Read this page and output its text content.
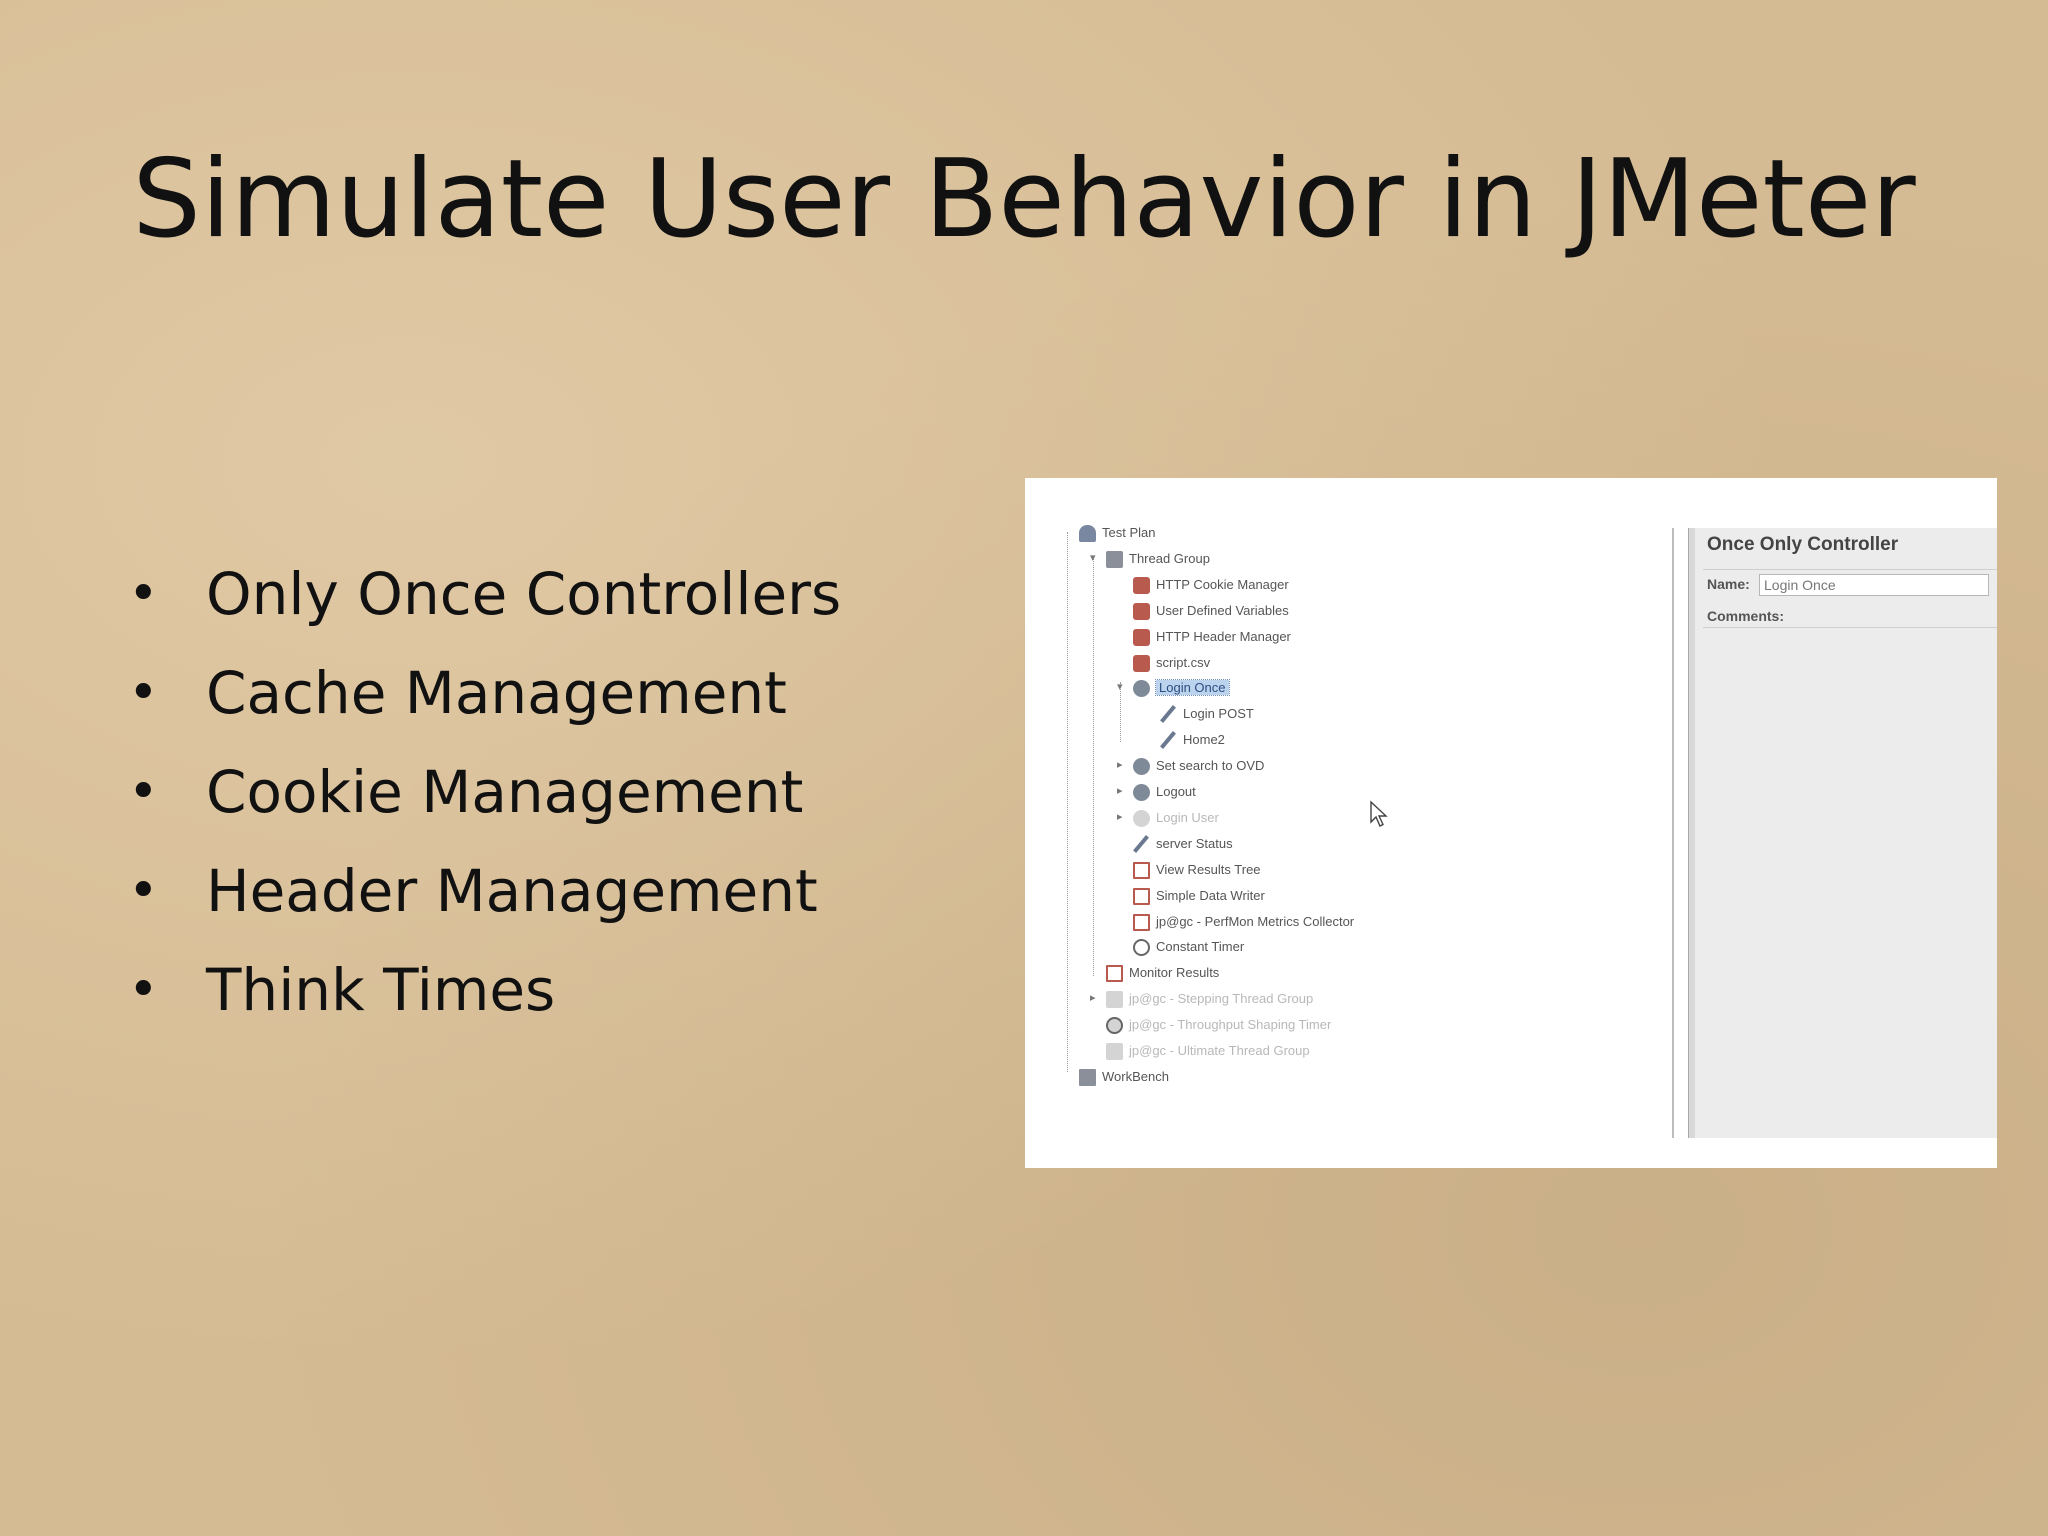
Simulate User Behavior in JMeter
• Only Once Controllers
• Cache Management
• Cookie Management
• Header Management
• Think Times
Test Plan
Thread Group
HTTP Cookie Manager
User Defined Variables
HTTP Header Manager
script.csv
Login Once
Login POST
Home2
Set search to OVD
Logout
Login User
server Status
View Results Tree
Simple Data Writer
jp@gc - PerfMon Metrics Collector
Constant Timer
Monitor Results
jp@gc - Stepping Thread Group
jp@gc - Throughput Shaping Timer
jp@gc - Ultimate Thread Group
WorkBench
▾
▾
▸
▸
▸
▸
Once Only Controller
Name:
Login Once
Comments:
